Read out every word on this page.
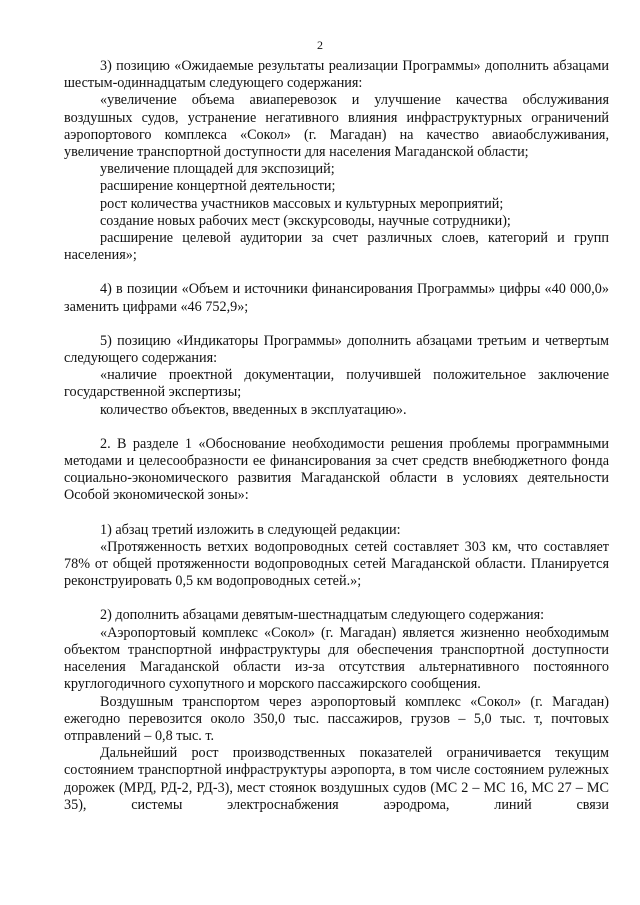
2

3) позицию «Ожидаемые результаты реализации Программы» дополнить абзацами шестым-одиннадцатым следующего содержания:

«увеличение объема авиаперевозок и улучшение качества обслуживания воздушных судов, устранение негативного влияния инфраструктурных ограничений аэропортового комплекса «Сокол» (г. Магадан) на качество авиаобслуживания, увеличение транспортной доступности для населения Магаданской области;

увеличение площадей для экспозиций;

расширение концертной деятельности;

рост количества участников массовых и культурных мероприятий;

создание новых рабочих мест (экскурсоводы, научные сотрудники);

расширение целевой аудитории за счет различных слоев, категорий и групп населения»;

4) в позиции «Объем и источники финансирования Программы» цифры «40 000,0» заменить цифрами «46 752,9»;

5) позицию «Индикаторы Программы» дополнить абзацами третьим и четвертым следующего содержания:

«наличие проектной документации, получившей положительное заключение государственной экспертизы;

количество объектов, введенных в эксплуатацию».

2. В разделе 1 «Обоснование необходимости решения проблемы программными методами и целесообразности ее финансирования за счет средств внебюджетного фонда социально-экономического развития Магаданской области в условиях деятельности Особой экономической зоны»:

1) абзац третий изложить в следующей редакции:

«Протяженность ветхих водопроводных сетей составляет 303 км, что составляет 78% от общей протяженности водопроводных сетей Магаданской области. Планируется реконструировать 0,5 км водопроводных сетей.»;

2) дополнить абзацами девятым-шестнадцатым следующего содержания:

«Аэропортовый комплекс «Сокол» (г. Магадан) является жизненно необходимым объектом транспортной инфраструктуры для обеспечения транспортной доступности населения Магаданской области из-за отсутствия альтернативного постоянного круглогодичного сухопутного и морского пассажирского сообщения.

Воздушным транспортом через аэропортовый комплекс «Сокол» (г. Магадан) ежегодно перевозится около 350,0 тыс. пассажиров, грузов – 5,0 тыс. т, почтовых отправлений – 0,8 тыс. т.

Дальнейший рост производственных показателей ограничивается текущим состоянием транспортной инфраструктуры аэропорта, в том числе состоянием рулежных дорожек (МРД, РД-2, РД-3), мест стоянок воздушных судов (МС 2 – МС 16, МС 27 – МС 35), системы электроснабжения аэродрома, линий связи
